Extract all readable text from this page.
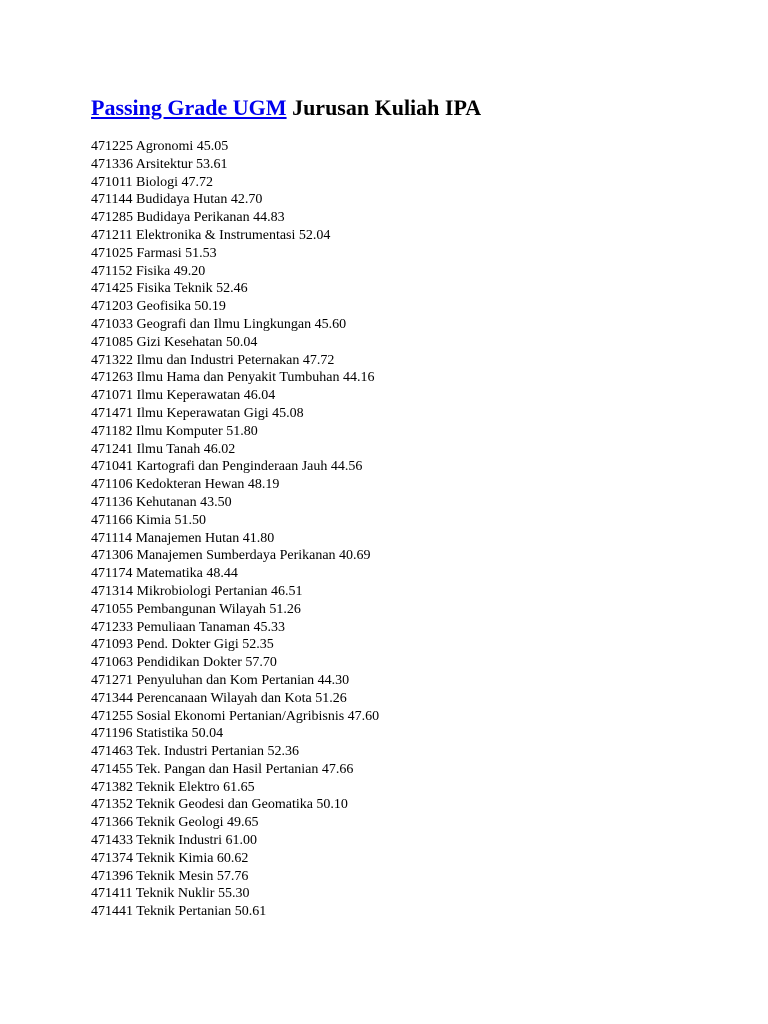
Passing Grade UGM Jurusan Kuliah IPA
471225 Agronomi 45.05
471336 Arsitektur 53.61
471011 Biologi 47.72
471144 Budidaya Hutan 42.70
471285 Budidaya Perikanan 44.83
471211 Elektronika & Instrumentasi 52.04
471025 Farmasi 51.53
471152 Fisika 49.20
471425 Fisika Teknik 52.46
471203 Geofisika 50.19
471033 Geografi dan Ilmu Lingkungan 45.60
471085 Gizi Kesehatan 50.04
471322 Ilmu dan Industri Peternakan 47.72
471263 Ilmu Hama dan Penyakit Tumbuhan 44.16
471071 Ilmu Keperawatan 46.04
471471 Ilmu Keperawatan Gigi 45.08
471182 Ilmu Komputer 51.80
471241 Ilmu Tanah 46.02
471041 Kartografi dan Penginderaan Jauh 44.56
471106 Kedokteran Hewan 48.19
471136 Kehutanan 43.50
471166 Kimia 51.50
471114 Manajemen Hutan 41.80
471306 Manajemen Sumberdaya Perikanan 40.69
471174 Matematika 48.44
471314 Mikrobiologi Pertanian 46.51
471055 Pembangunan Wilayah 51.26
471233 Pemuliaan Tanaman 45.33
471093 Pend. Dokter Gigi 52.35
471063 Pendidikan Dokter 57.70
471271 Penyuluhan dan Kom Pertanian 44.30
471344 Perencanaan Wilayah dan Kota 51.26
471255 Sosial Ekonomi Pertanian/Agribisnis 47.60
471196 Statistika 50.04
471463 Tek. Industri Pertanian 52.36
471455 Tek. Pangan dan Hasil Pertanian 47.66
471382 Teknik Elektro 61.65
471352 Teknik Geodesi dan Geomatika 50.10
471366 Teknik Geologi 49.65
471433 Teknik Industri 61.00
471374 Teknik Kimia 60.62
471396 Teknik Mesin 57.76
471411 Teknik Nuklir 55.30
471441 Teknik Pertanian 50.61
